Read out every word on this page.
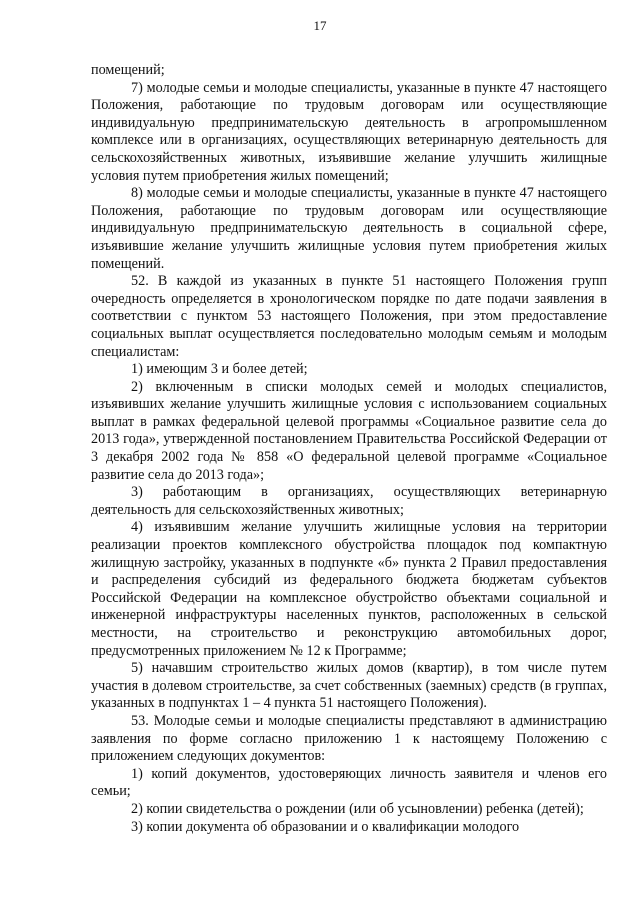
17

помещений;

7) молодые семьи и молодые специалисты, указанные в пункте 47 настоящего Положения, работающие по трудовым договорам или осуществляющие индивидуальную предпринимательскую деятельность в агропромышленном комплексе или в организациях, осуществляющих ветеринарную деятельность для сельскохозяйственных животных, изъявившие желание улучшить жилищные условия путем приобретения жилых помещений;

8) молодые семьи и молодые специалисты, указанные в пункте 47 настоящего Положения, работающие по трудовым договорам или осуществляющие индивидуальную предпринимательскую деятельность в социальной сфере, изъявившие желание улучшить жилищные условия путем приобретения жилых помещений.

52. В каждой из указанных в пункте 51 настоящего Положения групп очередность определяется в хронологическом порядке по дате подачи заявления в соответствии с пунктом 53 настоящего Положения, при этом предоставление социальных выплат осуществляется последовательно молодым семьям и молодым специалистам:

1) имеющим 3 и более детей;

2) включенным в списки молодых семей и молодых специалистов, изъявивших желание улучшить жилищные условия с использованием социальных выплат в рамках федеральной целевой программы «Социальное развитие села до 2013 года», утвержденной постановлением Правительства Российской Федерации от 3 декабря 2002 года № 858 «О федеральной целевой программе «Социальное развитие села до 2013 года»;

3) работающим в организациях, осуществляющих ветеринарную деятельность для сельскохозяйственных животных;

4) изъявившим желание улучшить жилищные условия на территории реализации проектов комплексного обустройства площадок под компактную жилищную застройку, указанных в подпункте «б» пункта 2 Правил предоставления и распределения субсидий из федерального бюджета бюджетам субъектов Российской Федерации на комплексное обустройство объектами социальной и инженерной инфраструктуры населенных пунктов, расположенных в сельской местности, на строительство и реконструкцию автомобильных дорог, предусмотренных приложением № 12 к Программе;

5) начавшим строительство жилых домов (квартир), в том числе путем участия в долевом строительстве, за счет собственных (заемных) средств (в группах, указанных в подпунктах 1 – 4 пункта 51 настоящего Положения).

53. Молодые семьи и молодые специалисты представляют в администрацию заявления по форме согласно приложению 1 к настоящему Положению с приложением следующих документов:

1) копий документов, удостоверяющих личность заявителя и членов его семьи;

2) копии свидетельства о рождении (или об усыновлении) ребенка (детей);

3) копии документа об образовании и о квалификации молодого
